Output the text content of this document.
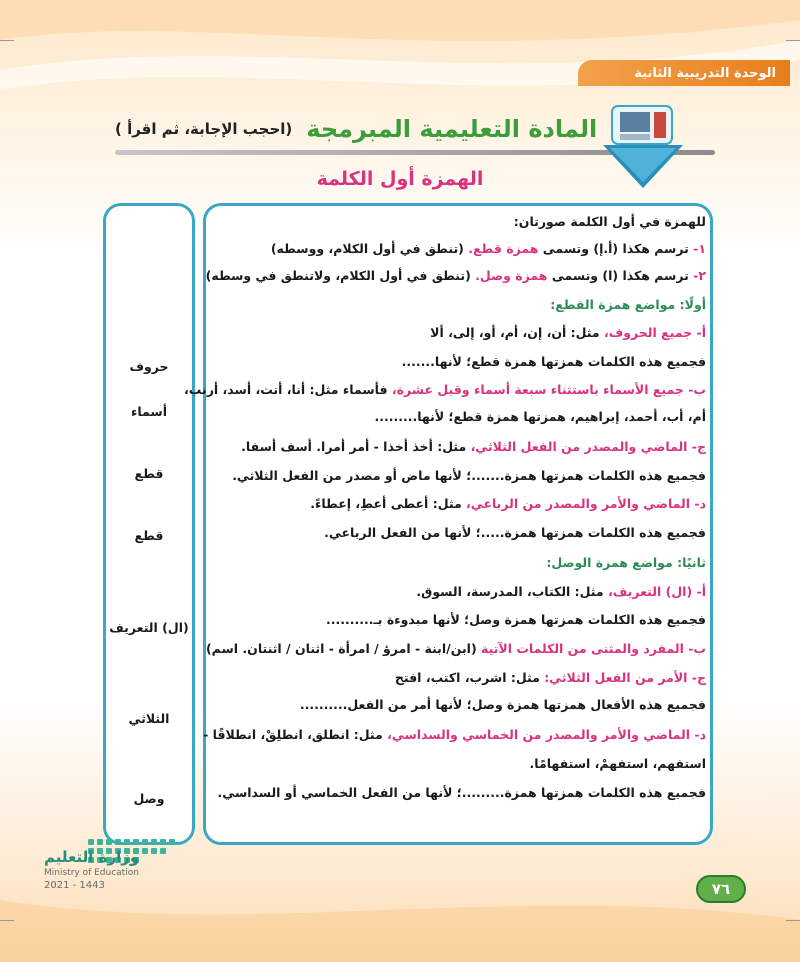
الوحدة التدريبية الثانية
المادة التعليمية المبرمجة
(احجب الإجابة، ثم اقرأ )
الهمزة أول الكلمة
للهمزة في أول الكلمة صورتان:
١- ترسم هكذا (أ.إ) وتسمى همزة قطع. (تنطق في أول الكلام، ووسطه)
٢- ترسم هكذا (ا) وتسمى همزة وصل. (تنطق في أول الكلام، ولاتنطق في وسطه)
أولًا: مواضع همزة القطع:
أ- جميع الحروف، مثل: أن، إن، أم، أو، إلى، ألا
فجميع هذه الكلمات همزتها همزة قطع؛ لأنها.......
ب- جميع الأسماء باستثناء سبعة أسماء وقيل عشرة، فأسماء مثل: أنا، أنت، أسد، أرنب،
أم، أب، أحمد، إبراهيم، همزتها همزة قطع؛ لأنها.........
ج- الماضي والمصدر من الفعل الثلاثي، مثل: أخذ أخذا - أمر أمرا. أسف أسفا.
فجميع هذه الكلمات همزتها همزة.......؛ لأنها ماض أو مصدر من الفعل الثلاثي.
د- الماضي والأمر والمصدر من الرباعي، مثل: أعطى أعطِ، إعطاءً.
فجميع هذه الكلمات همزتها همزة.....؛ لأنها من الفعل الرباعي.
ثانيًا: مواضع همزة الوصل:
أ- (ال) التعريف، مثل: الكتاب، المدرسة، السوق.
فجميع هذه الكلمات همزتها همزة وصل؛ لأنها مبدوءة بـ..........
ب- المفرد والمثنى من الكلمات الآتية (ابن/ابنة - امرؤ / امرأة - اثنان / اثنتان. اسم)
ج- الأمر من الفعل الثلاثي: مثل: اشرب، اكتب، افتح
فجميع هذه الأفعال همزتها همزة وصل؛ لأنها أمر من الفعل..........
د- الماضي والأمر والمصدر من الخماسي والسداسي، مثل: انطلق، انطلِقْ، انطلاقًا -
استفهم، استفهمْ، استفهامًا.
فجميع هذه الكلمات همزتها همزة.........؛ لأنها من الفعل الخماسي أو السداسي.
حروف
أسماء
قطع
قطع
(ال) التعريف
الثلاثي
وصل
وزارة التعليم
Ministry of Education
2021 - 1443	٧٦
